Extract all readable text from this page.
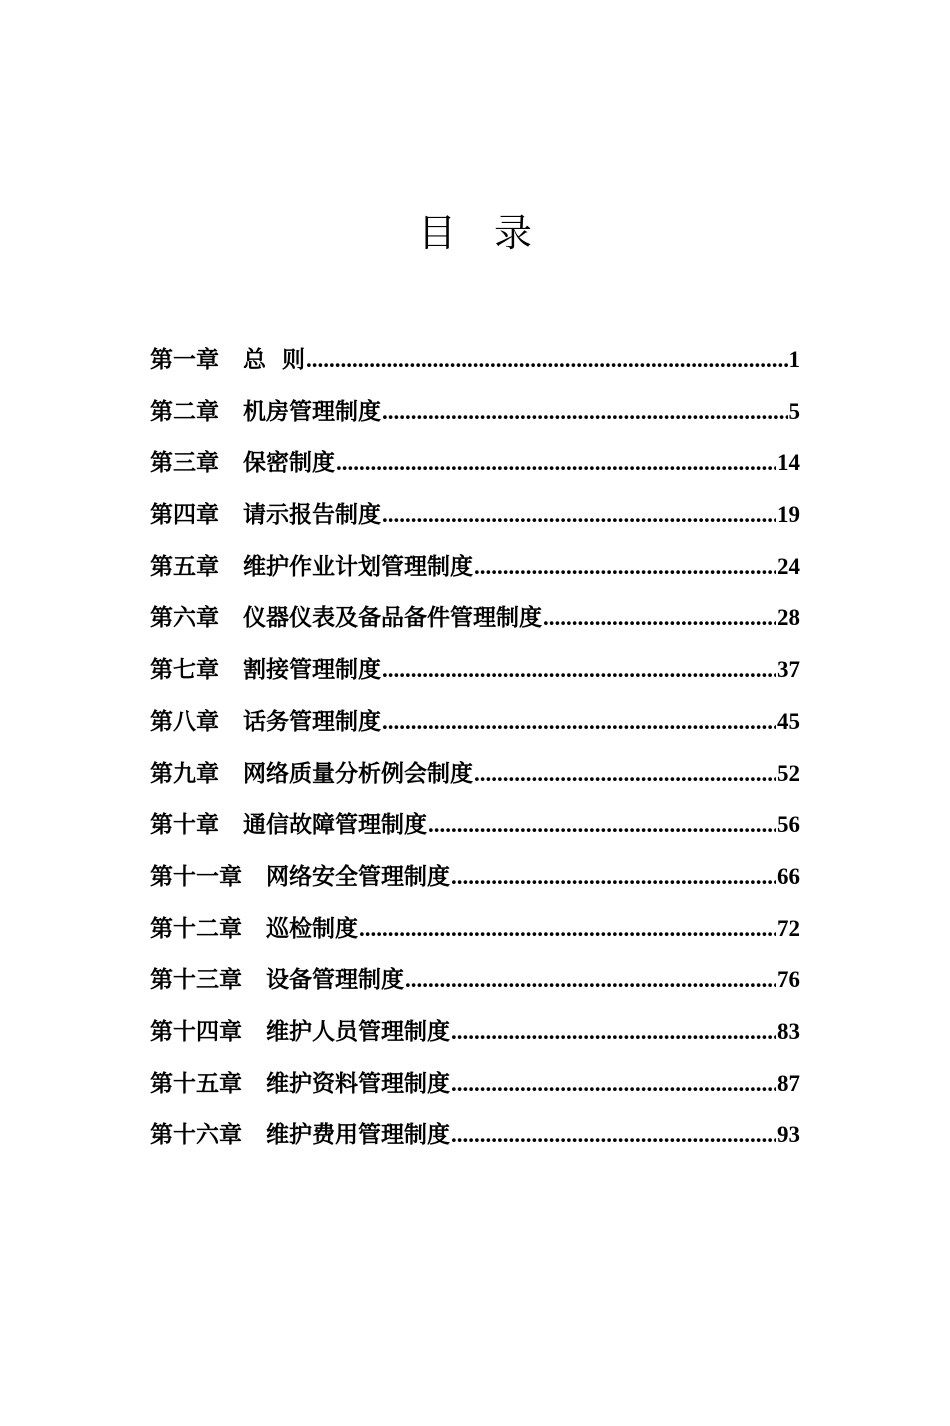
目 录
第一章 总  则 .....	1
第二章 机房管理制度 .....	5
第三章 保密制度 .....	14
第四章 请示报告制度 .....	19
第五章 维护作业计划管理制度 .....	24
第六章 仪器仪表及备品备件管理制度 .....	28
第七章 割接管理制度 .....	37
第八章 话务管理制度 .....	45
第九章 网络质量分析例会制度 .....	52
第十章 通信故障管理制度 .....	56
第十一章 网络安全管理制度 .....	66
第十二章 巡检制度 .....	72
第十三章 设备管理制度 .....	76
第十四章 维护人员管理制度 .....	83
第十五章 维护资料管理制度 .....	87
第十六章 维护费用管理制度 .....	93
